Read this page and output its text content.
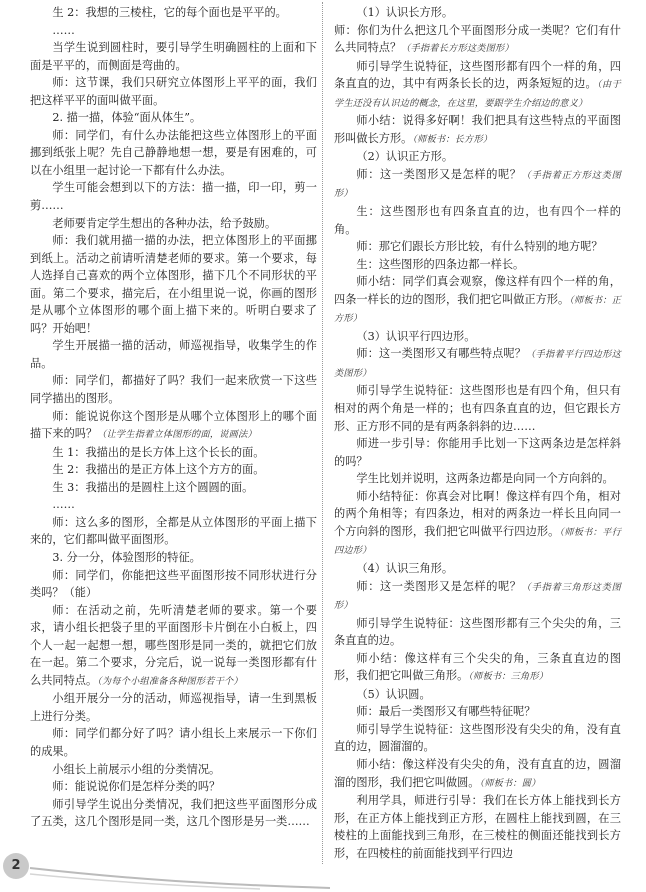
生 2：我想的三棱柱，它的每个面也是平平的。

……

当学生说到圆柱时，要引导学生明确圆柱的上面和下面是平平的，而侧面是弯曲的。

师：这节课，我们只研究立体图形上平平的面，我们把这样平平的面叫做平面。

2. 描一描，体验“面从体生”。

师：同学们，有什么办法能把这些立体图形上的平面挪到纸张上呢？先自己静静地想一想，要是有困难的，可以在小组里一起讨论一下都有什么办法。

学生可能会想到以下的方法：描一描，印一印，剪一剪……

老师要肯定学生想出的各种办法，给予鼓励。

师：我们就用描一描的办法，把立体图形上的平面挪到纸上。活动之前请听清楚老师的要求。第一个要求，每人选择自己喜欢的两个立体图形，描下几个不同形状的平面。第二个要求，描完后，在小组里说一说，你画的图形是从哪个立体图形的哪个面上描下来的。听明白要求了吗？开始吧！

学生开展描一描的活动，师巡视指导，收集学生的作品。

师：同学们，都描好了吗？我们一起来欣赏一下这些同学描出的图形。

师：能说说你这个图形是从哪个立体图形上的哪个面描下来的吗？（让学生指着立体图形的面，说画法）

生 1：我描出的是长方体上这个长长的面。

生 2：我描出的是正方体上这个方方的面。

生 3：我描出的是圆柱上这个圆圆的面。

……

师：这么多的图形，全都是从立体图形的平面上描下来的，它们都叫做平面图形。

3. 分一分，体验图形的特征。

师：同学们，你能把这些平面图形按不同形状进行分类吗？（能）

师：在活动之前，先听清楚老师的要求。第一个要求，请小组长把袋子里的平面图形卡片倒在小白板上，四个人一起一起想一想，哪些图形是同一类的，就把它们放在一起。第二个要求，分完后，说一说每一类图形都有什么共同特点。（为每个小组准备各种图形若干个）

小组开展分一分的活动，师巡视指导，请一生到黑板上进行分类。

师：同学们都分好了吗？请小组长上来展示一下你们的成果。

小组长上前展示小组的分类情况。

师：能说说你们是怎样分类的吗？

师引导学生说出分类情况，我们把这些平面图形分成了五类，这几个图形是同一类，这几个图形是另一类……

（1）认识长方形。

师：你们为什么把这几个平面图形分成一类呢？它们有什么共同特点？（手指着长方形这类图形）

师引导学生说特征，这些图形都有四个一样的角，四条直直的边，其中有两条长长的边，两条短短的边。（由于学生还没有认识边的概念，在这里，要跟学生介绍边的意义）

师小结：说得多好啊！我们把具有这些特点的平面图形叫做长方形。（师板书：长方形）

（2）认识正方形。

师：这一类图形又是怎样的呢？（手指着正方形这类图形）

生：这些图形也有四条直直的边，也有四个一样的角。

师：那它们跟长方形比较，有什么特别的地方呢？

生：这些图形的四条边都一样长。

师小结：同学们真会观察，像这样有四个一样的角，四条一样长的边的图形，我们把它叫做正方形。（师板书：正方形）

（3）认识平行四边形。

师：这一类图形又有哪些特点呢？（手指着平行四边形这类图形）

师引导学生说特征：这些图形也是有四个角，但只有相对的两个角是一样的；也有四条直直的边，但它跟长方形、正方形不同的是有两条斜斜的边……

师进一步引导：你能用手比划一下这两条边是怎样斜的吗？

学生比划并说明，这两条边都是向同一个方向斜的。

师小结特征：你真会对比啊！像这样有四个角，相对的两个角相等；有四条边，相对的两条边一样长且向同一个方向斜的图形，我们把它叫做平行四边形。（师板书：平行四边形）

（4）认识三角形。

师：这一类图形又是怎样的呢？（手指着三角形这类图形）

师引导学生说特征：这些图形都有三个尖尖的角，三条直直的边。

师小结：像这样有三个尖尖的角，三条直直边的图形，我们把它叫做三角形。（师板书：三角形）

（5）认识圆。

师：最后一类图形又有哪些特征呢？

师引导学生说特征：这些图形没有尖尖的角，没有直直的边，圆溜溜的。

师小结：像这样没有尖尖的角，没有直直的边，圆溜溜的图形，我们把它叫做圆。（师板书：圆）

利用学具，师进行引导：我们在长方体上能找到长方形，在正方体上能找到正方形，在圆柱上能找到圆，在三棱柱的上面能找到三角形，在三棱柱的侧面还能找到长方形，在四棱柱的前面能找到平行四边

2
